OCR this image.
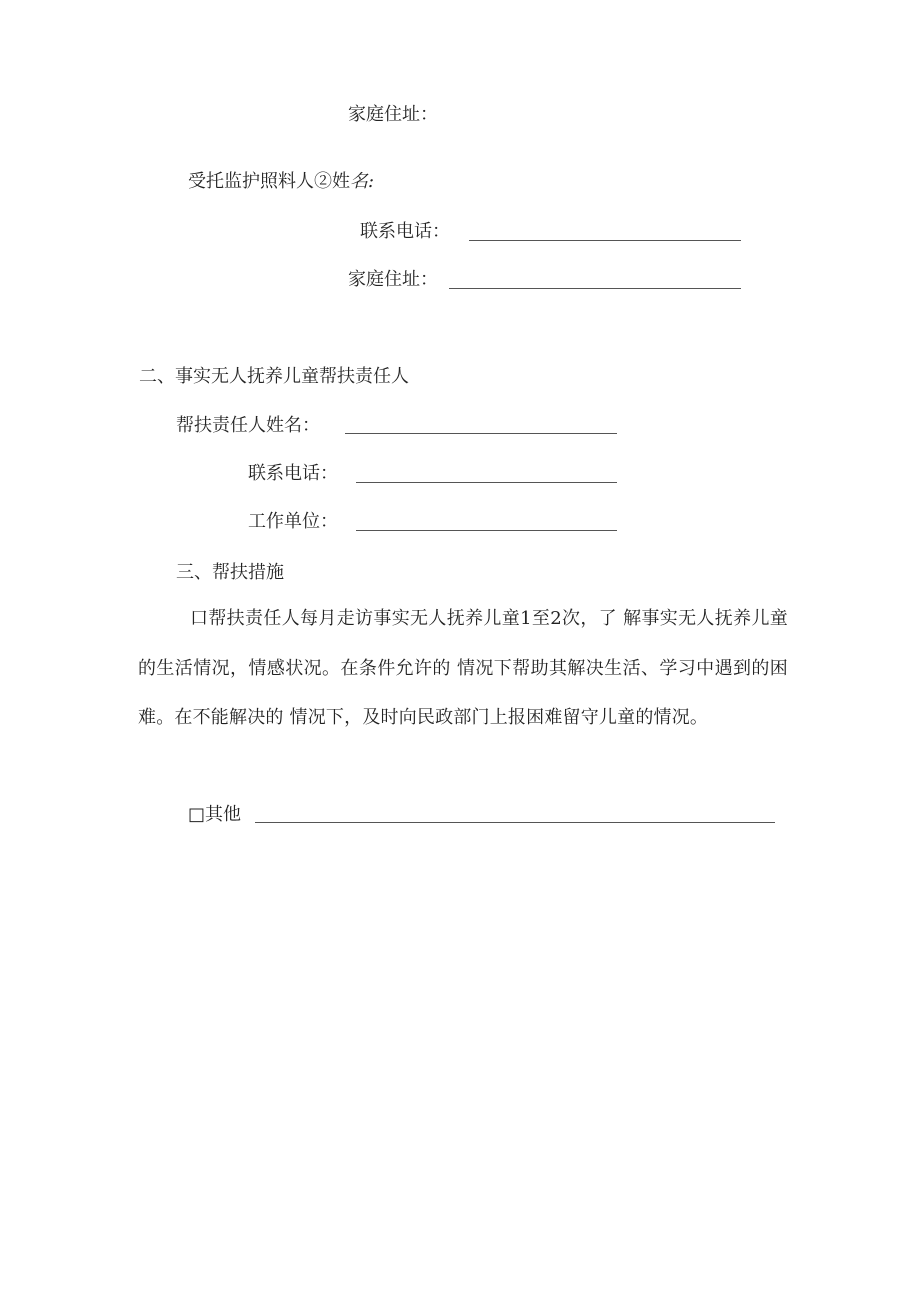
家庭住址：
受托监护照料人②姓名:
联系电话：
家庭住址：
二、事实无人抚养儿童帮扶责任人
帮扶责任人姓名：
联系电话：
工作单位：
三、帮扶措施
口帮扶责任人每月走访事实无人抚养儿童1至2次，了 解事实无人抚养儿童的生活情况，情感状况。在条件允许的 情况下帮助其解决生活、学习中遇到的困难。在不能解决的 情况下，及时向民政部门上报困难留守儿童的情况。
□其他
